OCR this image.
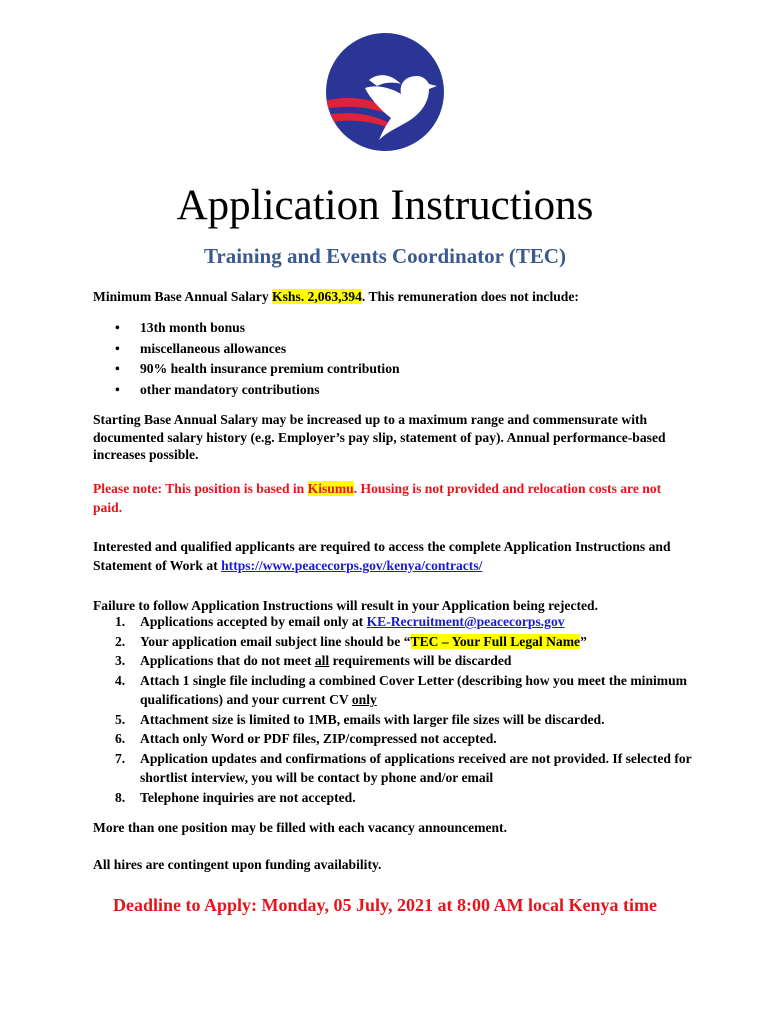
Application Instructions
Training and Events Coordinator (TEC)
Minimum Base Annual Salary Kshs. 2,063,394. This remuneration does not include:
• 13th month bonus
• miscellaneous allowances
• 90% health insurance premium contribution
• other mandatory contributions
Starting Base Annual Salary may be increased up to a maximum range and commensurate with documented salary history (e.g. Employer’s pay slip, statement of pay). Annual performance-based increases possible.
Please note: This position is based in Kisumu. Housing is not provided and relocation costs are not paid.
Interested and qualified applicants are required to access the complete Application Instructions and Statement of Work at https://www.peacecorps.gov/kenya/contracts/
Failure to follow Application Instructions will result in your Application being rejected.
1. Applications accepted by email only at KE-Recruitment@peacecorps.gov
2. Your application email subject line should be “TEC – Your Full Legal Name”
3. Applications that do not meet all requirements will be discarded
4. Attach 1 single file including a combined Cover Letter (describing how you meet the minimum qualifications) and your current CV only
5. Attachment size is limited to 1MB, emails with larger file sizes will be discarded.
6. Attach only Word or PDF files, ZIP/compressed not accepted.
7. Application updates and confirmations of applications received are not provided. If selected for shortlist interview, you will be contact by phone and/or email
8. Telephone inquiries are not accepted.
More than one position may be filled with each vacancy announcement.
All hires are contingent upon funding availability.
Deadline to Apply: Monday, 05 July, 2021 at 8:00 AM local Kenya time
